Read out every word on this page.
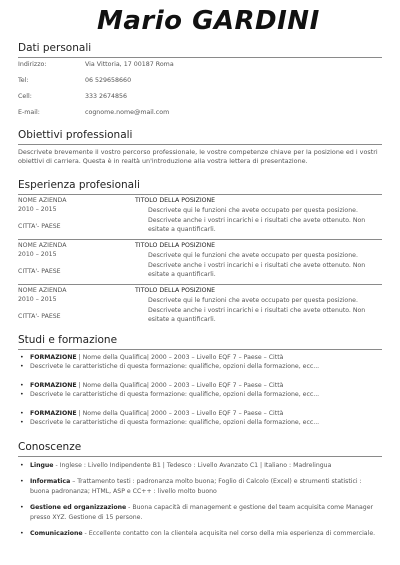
Mario GARDINI
Dati personali
Indirizzo:	Via Vittoria, 17 00187 Roma
Tel:	06 529658660
Cell:	333 2674856
E-mail:	cognome.nome@mail.com
Obiettivi professionali
Descrivete brevemente il vostro percorso professionale, le vostre competenze chiave per la posizione ed i vostri obiettivi di carriera. Questa è in realtà un'introduzione alla vostra lettera di presentazione.
Esperienza profesionali
NOME AZIENDA
2010 – 2015
CITTA'- PAESE
TITOLO DELLA POSIZIONE
Descrivete qui le funzioni che avete occupato per questa posizione. Descrivete anche i vostri incarichi e i risultati che avete ottenuto. Non esitate a quantificarli.
NOME AZIENDA
2010 – 2015
CITTA'- PAESE
TITOLO DELLA POSIZIONE
Descrivete qui le funzioni che avete occupato per questa posizione. Descrivete anche i vostri incarichi e i risultati che avete ottenuto. Non esitate a quantificarli.
NOME AZIENDA
2010 – 2015
CITTA'- PAESE
TITOLO DELLA POSIZIONE
Descrivete qui le funzioni che avete occupato per questa posizione. Descrivete anche i vostri incarichi e i risultati che avete ottenuto. Non esitate a quantificarli.
Studi e formazione
• FORMAZIONE | Nome della Qualifica| 2000 – 2003 – Livello EQF 7 – Paese – Città
• Descrivete le caratteristiche di questa formazione: qualifiche, opzioni della formazione, ecc...
• FORMAZIONE | Nome della Qualifica| 2000 – 2003 – Livello EQF 7 – Paese – Città
• Descrivete le caratteristiche di questa formazione: qualifiche, opzioni della formazione, ecc...
• FORMAZIONE | Nome della Qualifica| 2000 – 2003 – Livello EQF 7 – Paese – Città
• Descrivete le caratteristiche di questa formazione: qualifiche, opzioni della formazione, ecc...
Conoscenze
• Lingue - Inglese : Livello Indipendente B1 | Tedesco : Livello Avanzato C1 | Italiano : Madrelingua
• Informatica – Trattamento testi : padronanza molto buona; Foglio di Calcolo (Excel) e strumenti statistici : buona padronanza; HTML, ASP e CC++ : livello molto buono
• Gestione ed organizzazione - Buona capacità di management e gestione del team acquisita come Manager presso XYZ. Gestione di 15 persone.
• Comunicazione - Eccellente contatto con la clientela acquisita nel corso della mia esperienza di commerciale.
